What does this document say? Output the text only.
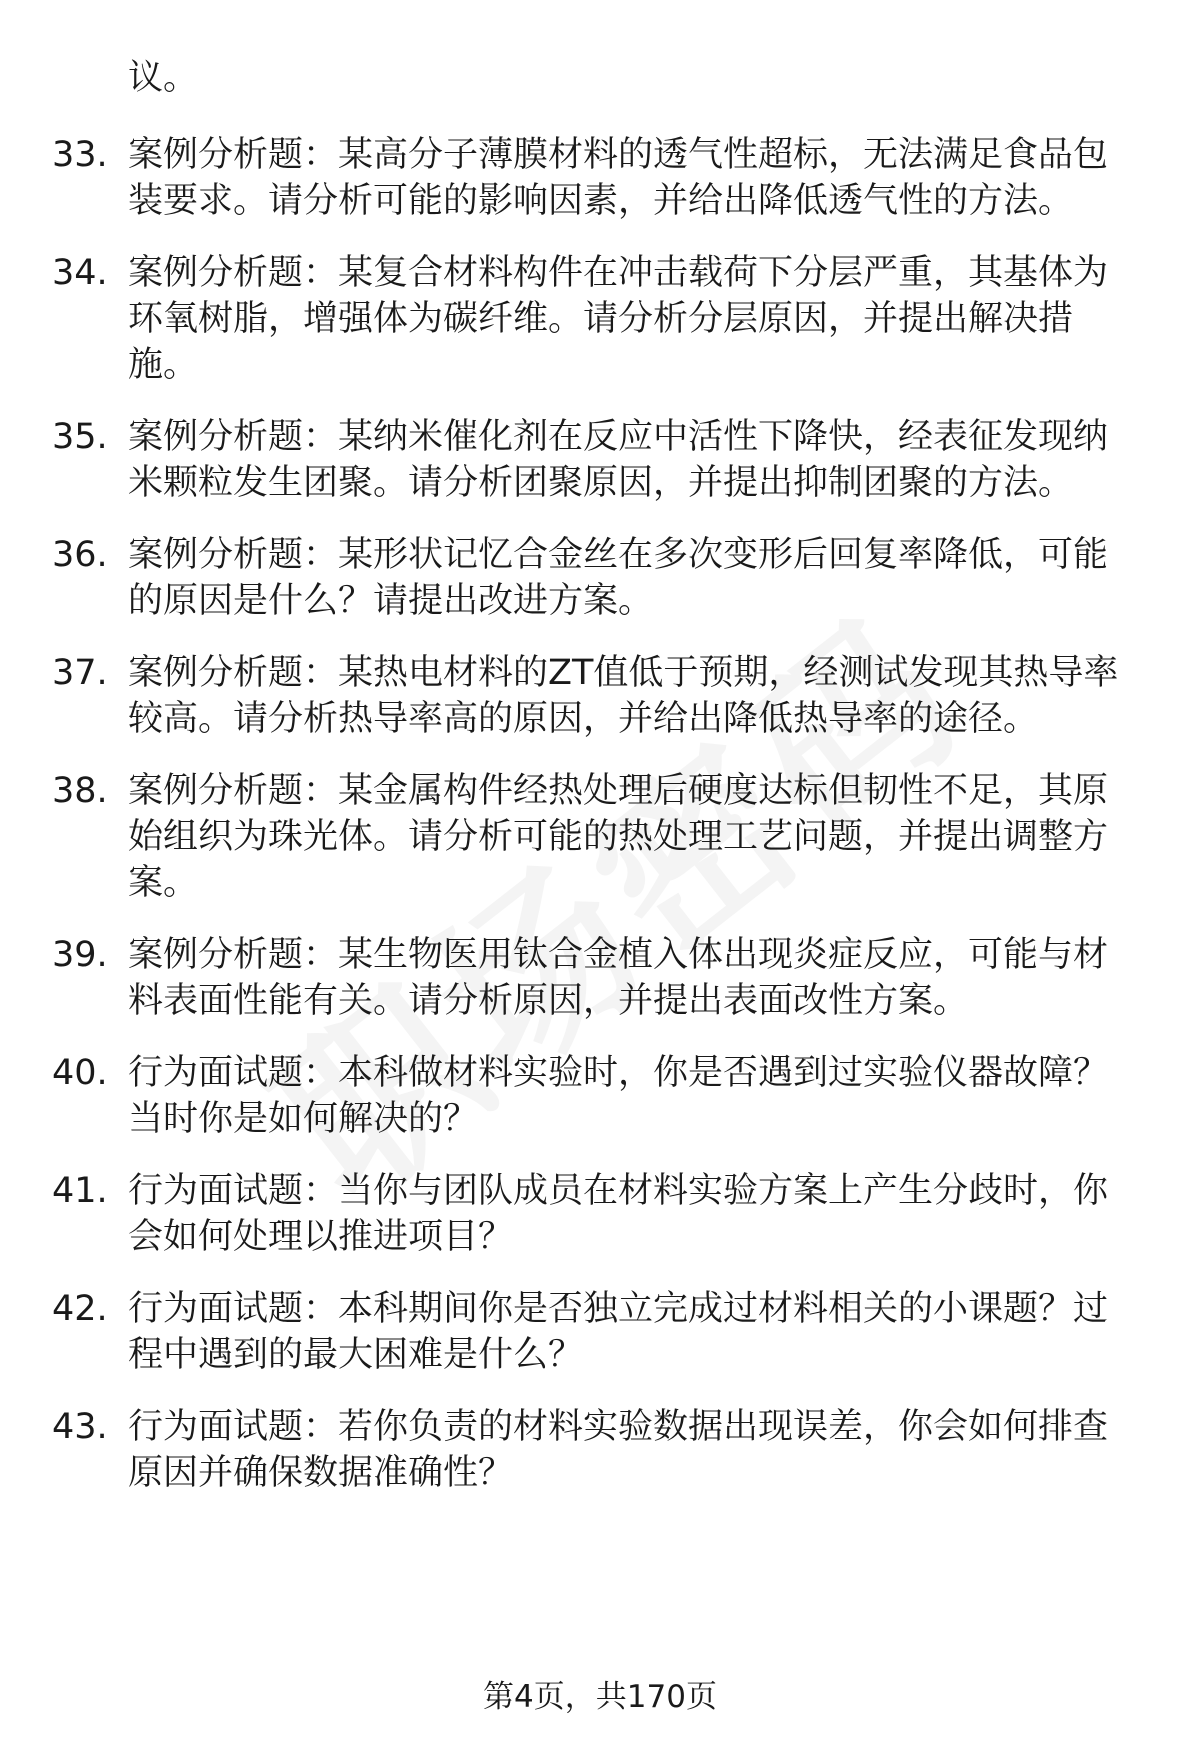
议。
33. 案例分析题：某高分子薄膜材料的透气性超标，无法满足食品包
装要求。请分析可能的影响因素，并给出降低透气性的方法。
34. 案例分析题：某复合材料构件在冲击载荷下分层严重，其基体为
环氧树脂，增强体为碳纤维。请分析分层原因，并提出解决措
施。
35. 案例分析题：某纳米催化剂在反应中活性下降快，经表征发现纳
米颗粒发生团聚。请分析团聚原因，并提出抑制团聚的方法。
36. 案例分析题：某形状记忆合金丝在多次变形后回复率降低，可能
的原因是什么？请提出改进方案。
37. 案例分析题：某热电材料的ZT值低于预期，经测试发现其热导率
较高。请分析热导率高的原因，并给出降低热导率的途径。
38. 案例分析题：某金属构件经热处理后硬度达标但韧性不足，其原
始组织为珠光体。请分析可能的热处理工艺问题，并提出调整方
案。
39. 案例分析题：某生物医用钛合金植入体出现炎症反应，可能与材
料表面性能有关。请分析原因，并提出表面改性方案。
40. 行为面试题：本科做材料实验时，你是否遇到过实验仪器故障？
当时你是如何解决的？
41. 行为面试题：当你与团队成员在材料实验方案上产生分歧时，你
会如何处理以推进项目？
42. 行为面试题：本科期间你是否独立完成过材料相关的小课题？过
程中遇到的最大困难是什么？
43. 行为面试题：若你负责的材料实验数据出现误差，你会如何排查
原因并确保数据准确性？
第4页，共170页
